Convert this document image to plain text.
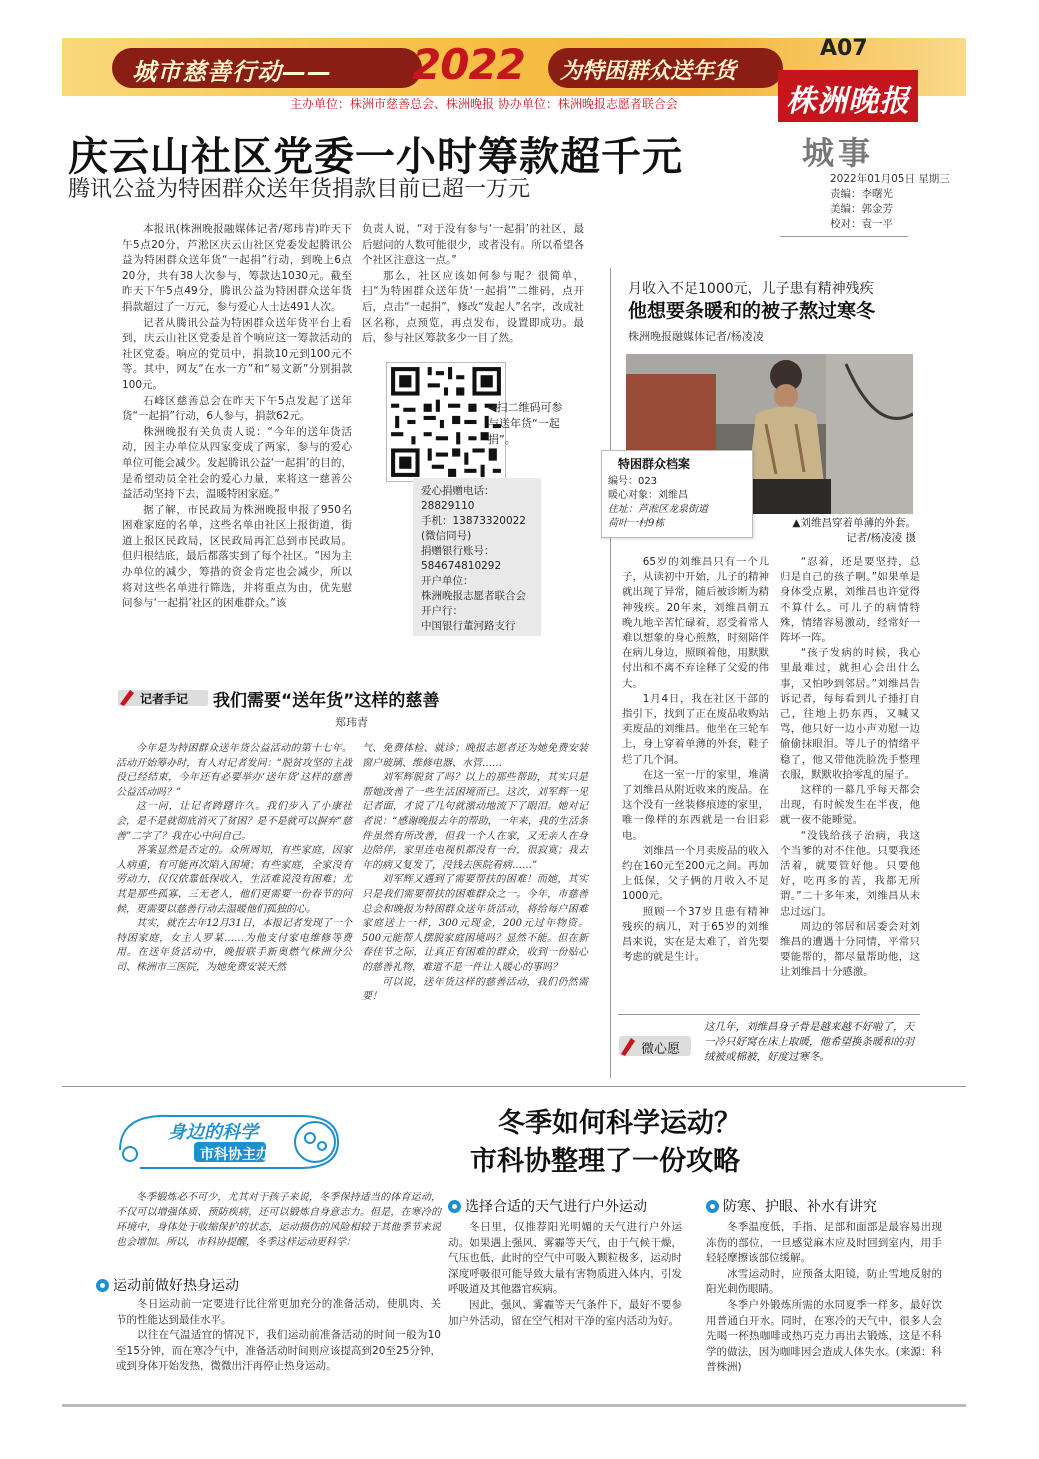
城市慈善行动—— 2022 为特困群众送年货
A07
株洲晚报
主办单位：株洲市慈善总会、株洲晚报 协办单位：株洲晚报志愿者联合会
城事
2022年01月05日 星期三
责编：李曙光
美编：郭金芳
校对：袁一平
庆云山社区党委一小时筹款超千元
腾讯公益为特困群众送年货捐款目前已超一万元

本报讯(株洲晚报融媒体记者/郑玮青)昨天下午5点20分，芦淞区庆云山社区党委发起腾讯公益为特困群众送年货“一起捐”行动，到晚上6点20分，共有38人次参与，筹款达1030元。截至昨天下午5点49分，腾讯公益为特困群众送年货捐款超过了一万元，参与爱心人士达491人次。

记者从腾讯公益为特困群众送年货平台上看到，庆云山社区党委是首个响应这一筹款活动的社区党委。响应的党员中，捐款10元到100元不等。其中，网友“在水一方”和“易文新”分别捐款100元。

石峰区慈善总会在昨天下午5点发起了送年货“一起捐”行动，6人参与，捐款62元。

株洲晚报有关负责人说：“今年的送年货活动，因主办单位从四家变成了两家，参与的爱心单位可能会减少。发起腾讯公益‘一起捐’的目的，是希望动员全社会的爱心力量，来将这一慈善公益活动坚持下去，温暖特困家庭。”

据了解，市民政局为株洲晚报申报了950名困难家庭的名单，这些名单由社区上报街道，街道上报区民政局，区民政局再汇总到市民政局。但归根结底，最后都落实到了每个社区。“因为主办单位的减少，筹措的资金肯定也会减少，所以将对这些名单进行筛选，并将重点为由，优先慰问参与‘一起捐’社区的困难群众。”该

负责人说，“对于没有参与‘一起捐’的社区，最后慰问的人数可能很少，或者没有。所以希望各个社区注意这一点。”

那么，社区应该如何参与呢？很简单，扫“为特困群众送年货‘一起捐’”二维码，点开后，点击“一起捐”，修改“发起人”名字，改成社区名称，点预览，再点发布，设置即成功。最后，参与社区筹款多少一目了然。

◀扫二维码可参与送年货“一起捐”。
爱心捐赠电话：
28829110
手机：13873320022
(微信同号)
捐赠银行账号：
584674810292
开户单位：
株洲晚报志愿者联合会
开户行：
中国银行董河路支行
记者手记 我们需要“送年货”这样的慈善
郑玮青

今年是为特困群众送年货公益活动的第十七年。活动开始筹办时，有人对记者发问：“脱贫攻坚的主战役已经结束，今年还有必要举办‘送年货’这样的慈善公益活动吗？”

这一问，让记者踌躇许久。我们步入了小康社会，是不是就彻底消灭了贫困？是不是就可以摒弃“慈善”二字了？我在心中问自己。

答案显然是否定的。众所周知，有些家庭，因家人病重，有可能再次陷入困境；有些家庭，全家没有劳动力，仅仅依靠低保收入，生活难说没有困难；尤其是那些孤寡、三无老人，他们更需要一份春节的问候，更需要以慈善行动去温暖他们孤独的心。

其实，就在去年12月31日，本报记者发现了一个特困家庭，女主人罗某……为他支付家电维修等费用。在送年货活动中，晚报联手新奥燃气株洲分公司、株洲市三医院，为她免费安装天然

气、免费体检、就诊；晚报志愿者还为她免费安装窗户玻璃、维修电器、水管……

刘军辉脱贫了吗？以上的那些帮助，其实只是帮她改善了一些生活困境而已。这次，刘军辉一见记者面，才说了几句就激动地流下了眼泪。她对记者说：“感谢晚报去年的帮助，一年来，我的生活条件虽然有所改善，但我一个人在家，又无亲人在身边陪伴，家里连电视机都没有一台，很寂寞；我去年的病又复发了，没钱去医院看病……”

刘军辉又遇到了需要帮扶的困难！而她，其实只是我们需要帮扶的困难群众之一。今年，市慈善总会和晚报为特困群众送年货活动，将给每户困难家庭送上一样，300元现金，200元过年物资。500元能帮人摆脱家庭困境吗？显然不能。但在新春佳节之际，让真正有困难的群众，收到一份贴心的慈善礼物，难道不是一件让人暖心的事吗？

可以说，送年货这样的慈善活动，我们仍然需要！

月收入不足1000元，儿子患有精神残疾
他想要条暖和的被子熬过寒冬
株洲晚报融媒体记者/杨凌凌
特困群众档案
编号：023
暖心对象：刘维昌
住址：芦淞区龙泉街道
荷叶一村9栋	▲刘维昌穿着单薄的外套。
记者/杨凌凌 摄

65岁的刘维昌只有一个儿子，从读初中开始，儿子的精神就出现了异常，随后被诊断为精神残疾。20年来，刘维昌朝五晚九地辛苦忙碌着，忍受着常人难以想象的身心煎熬，时刻陪伴在病儿身边，照顾着他，用默默付出和不离不弃诠释了父爱的伟大。

1月4日，我在社区干部的指引下，找到了正在废品收购站卖废品的刘维昌。他坐在三轮车上，身上穿着单薄的外套，鞋子烂了几个洞。

在这一室一厅的家里，堆满了刘维昌从附近收来的废品。在这个没有一丝装修痕迹的家里，唯一像样的东西就是一台旧彩电。

刘维昌一个月卖废品的收入约在160元至200元之间。再加上低保，父子俩的月收入不足1000元。

照顾一个37岁且患有精神残疾的病儿，对于65岁的刘维昌来说，实在是太难了，首先要考虑的就是生计。

“忍着，还是要坚持，总归是自己的孩子啊。”如果单是身体受点累，刘维昌也许觉得不算什么。可儿子的病情特殊，情绪容易激动，经常好一阵坏一阵。

“孩子发病的时候，我心里最难过，就担心会出什么事，又怕吵到邻居。”刘维昌告诉记者，每每看到儿子捶打自己，往地上扔东西，又喊又骂，他只好一边小声劝慰一边偷偷抹眼泪。等儿子的情绪平稳了，他又带他洗脸洗手整理衣服，默默收拾零乱的屋子。

这样的一幕几乎每天都会出现，有时候发生在半夜，他就一夜不能睡觉。

“没钱给孩子治病，我这个当爹的对不住他。只要我还活着，就要管好他。只要他好，吃再多的苦，我都无所谓。”二十多年来，刘维昌从未忠过远门。

周边的邻居和居委会对刘维昌的遭遇十分同情，平常只要能帮的，都尽量帮助他，这让刘维昌十分感激。

微心愿
这几年，刘维昌身子骨是越来越不好啦了，天一冷只好窝在床上取暖，他希望换条暖和的羽绒被或棉被，好度过寒冬。
身边的科学
市科协主办
冬季如何科学运动？
市科协整理了一份攻略

冬季锻炼必不可少，尤其对于孩子来说，冬季保持适当的体育运动，不仅可以增强体质、预防疾病，还可以锻炼自身意志力。但是，在寒冷的环境中，身体处于收缩保护的状态，运动损伤的风险相较于其他季节来说也会增加。所以，市科协提醒，冬季这样运动更科学：

运动前做好热身运动

冬日运动前一定要进行比往常更加充分的准备活动，使肌肉、关节的性能达到最佳水平。

以往在气温适宜的情况下，我们运动前准备活动的时间一般为10至15分钟，而在寒冷气中，准备活动时间则应该提高到20至25分钟，或到身体开始发热，微微出汗再停止热身运动。

选择合适的天气进行户外运动

冬日里，仅推荐阳光明媚的天气进行户外运动。如果遇上强风、雾霾等天气，由于气候干燥，气压也低，此时的空气中可吸入颗粒极多，运动时深度呼吸很可能导致大量有害物质进入体内，引发呼吸道及其他器官疾病。

因此，强风、雾霾等天气条件下，最好不要参加户外活动，留在空气相对干净的室内活动为好。

防寒、护眼、补水有讲究

冬季温度低，手指、足部和面部是最容易出现冻伤的部位，一旦感觉麻木应及时回到室内，用手轻轻摩擦该部位缓解。

冰雪运动时，应预备太阳镜，防止雪地反射的阳光刺伤眼睛。

冬季户外锻炼所需的水同夏季一样多，最好饮用普通白开水。同时，在寒冷的天气中，很多人会先喝一杯热咖啡或热巧克力再出去锻炼，这是不科学的做法，因为咖啡因会造成人体失水。(来源：科普株洲)
